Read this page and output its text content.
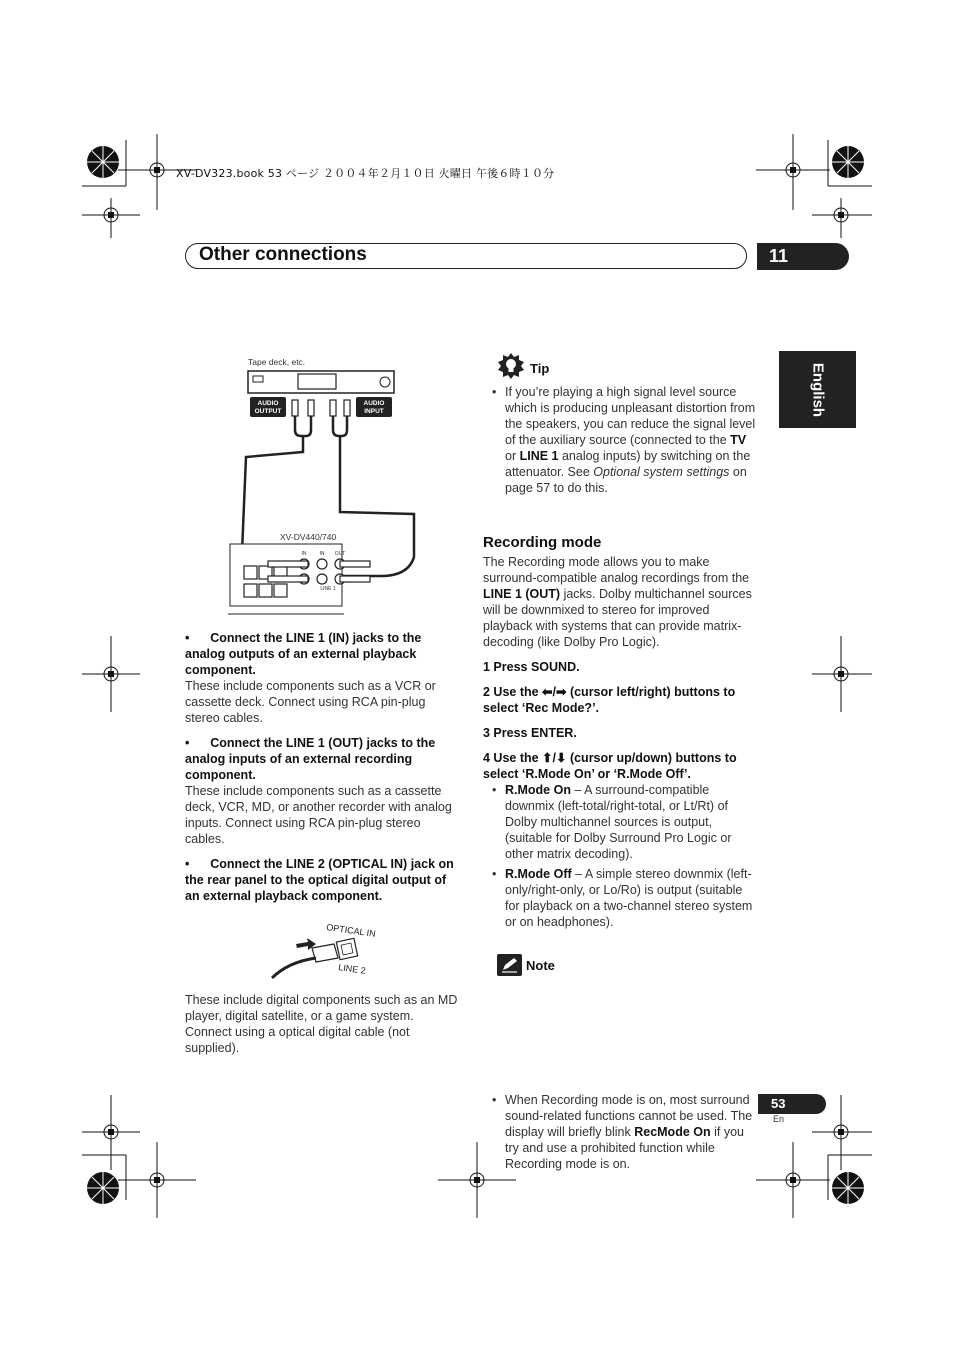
XV-DV323.book 53 ページ ２００４年２月１０日 火曜日 午後６時１０分
Other connections	11
English
Tape deck, etc.
AUDIO
OUTPUT
AUDIO
INPUT
XV-DV440/740
IN	IN OUT
LINE 1
•      Connect the LINE 1 (IN) jacks to the analog outputs of an external playback component.
These include components such as a VCR or cassette deck. Connect using RCA pin-plug stereo cables.
•      Connect the LINE 1 (OUT) jacks to the analog inputs of an external recording component.
These include components such as a cassette deck, VCR, MD, or another recorder with analog inputs. Connect using RCA pin-plug stereo cables.
•      Connect the LINE 2 (OPTICAL IN) jack on the rear panel to the optical digital output of an external playback component.
OPTICAL IN
LINE 2
These include digital components such as an MD player, digital satellite, or a game system. Connect using a optical digital cable (not supplied).
Tip
• If you’re playing a high signal level source which is producing unpleasant distortion from the speakers, you can reduce the signal level of the auxiliary source (connected to the TV or LINE 1 analog inputs) by switching on the attenuator. See Optional system settings on page 57 to do this.
Recording mode
The Recording mode allows you to make surround-compatible analog recordings from the LINE 1 (OUT) jacks. Dolby multichannel sources will be downmixed to stereo for improved playback with systems that can provide matrix-decoding (like Dolby Pro Logic).
1 Press SOUND.
2 Use the ⬅/➡ (cursor left/right) buttons to select ‘Rec Mode?’.
3 Press ENTER.
4 Use the ⬆/⬇ (cursor up/down) buttons to select ‘R.Mode On’ or ‘R.Mode Off’.
• R.Mode On – A surround-compatible downmix (left-total/right-total, or Lt/Rt) of Dolby multichannel sources is output, (suitable for Dolby Surround Pro Logic or other matrix decoding).
• R.Mode Off – A simple stereo downmix (left-only/right-only, or Lo/Ro) is output (suitable for playback on a two-channel stereo system or on headphones).
Note
• When Recording mode is on, most surround sound-related functions cannot be used. The display will briefly blink RecMode On if you try and use a prohibited function while Recording mode is on.
53
En
